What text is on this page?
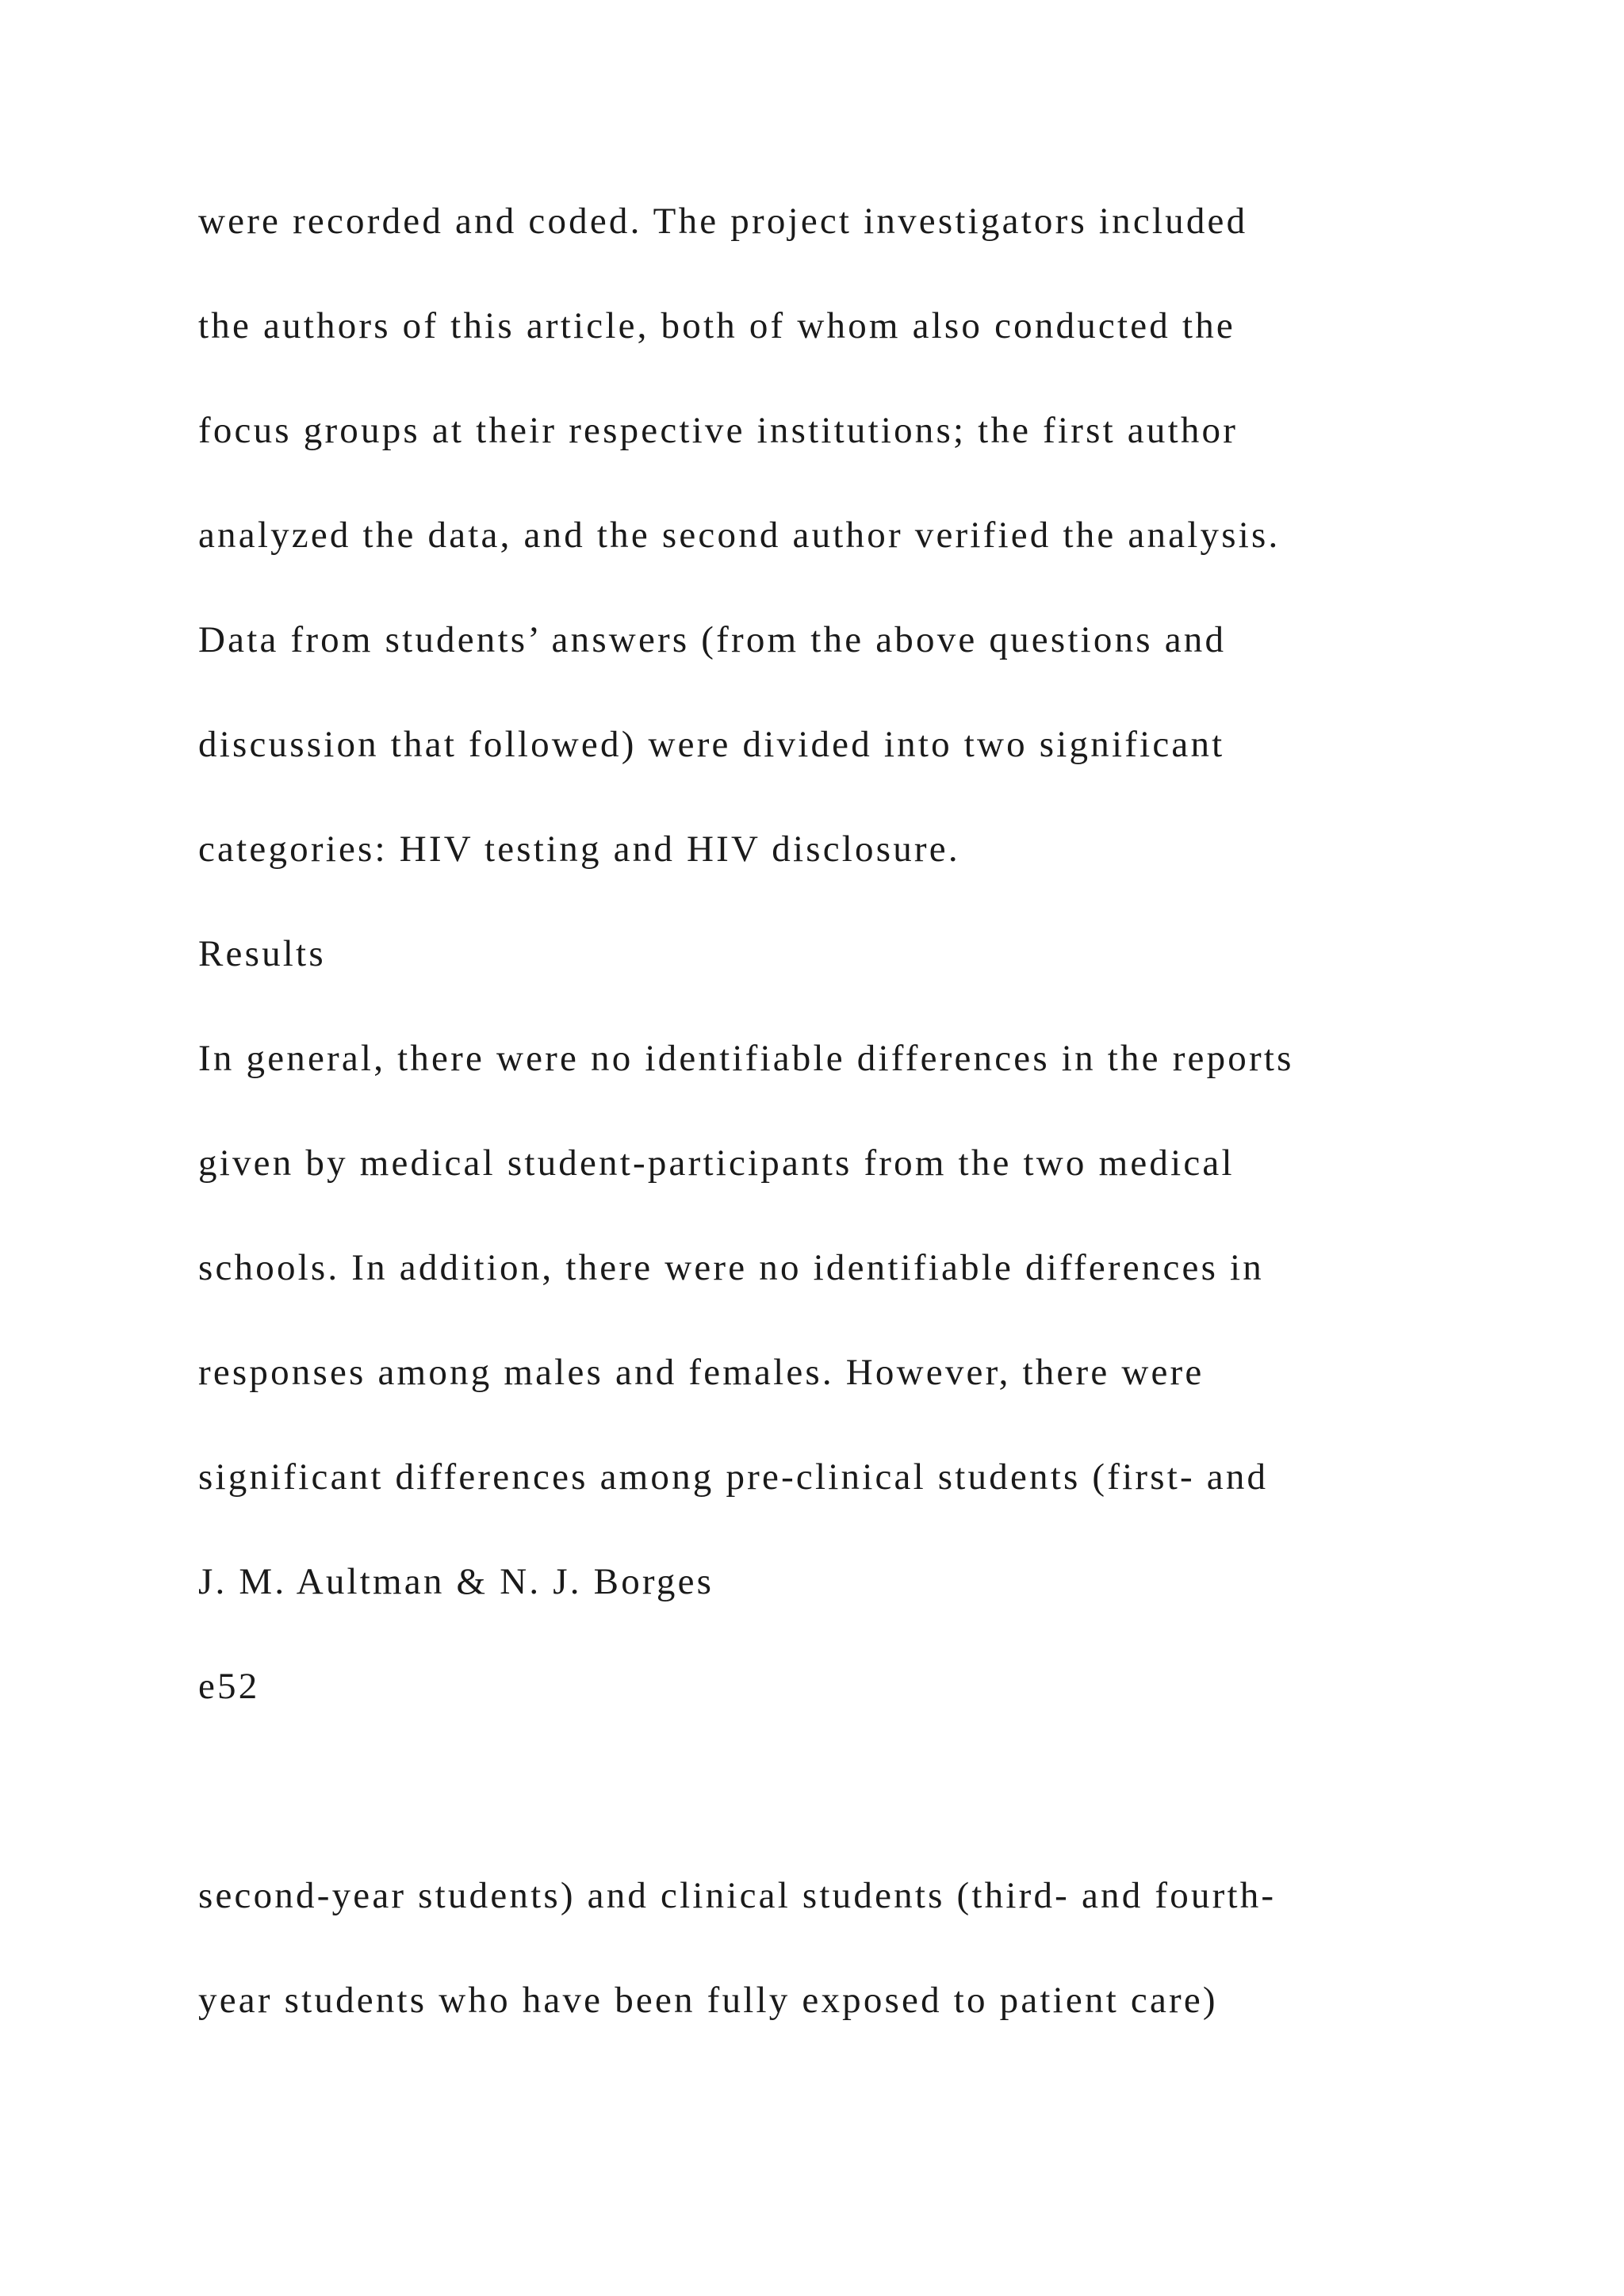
were recorded and coded. The project investigators included

the authors of this article, both of whom also conducted the

focus groups at their respective institutions; the first author

analyzed the data, and the second author verified the analysis.

Data from students’ answers (from the above questions and

discussion that followed) were divided into two significant

categories: HIV testing and HIV disclosure.

Results

In general, there were no identifiable differences in the reports

given by medical student-participants from the two medical

schools. In addition, there were no identifiable differences in

responses among males and females. However, there were

significant differences among pre-clinical students (first- and

J. M. Aultman & N. J. Borges

e52

second-year students) and clinical students (third- and fourth-

year students who have been fully exposed to patient care)
